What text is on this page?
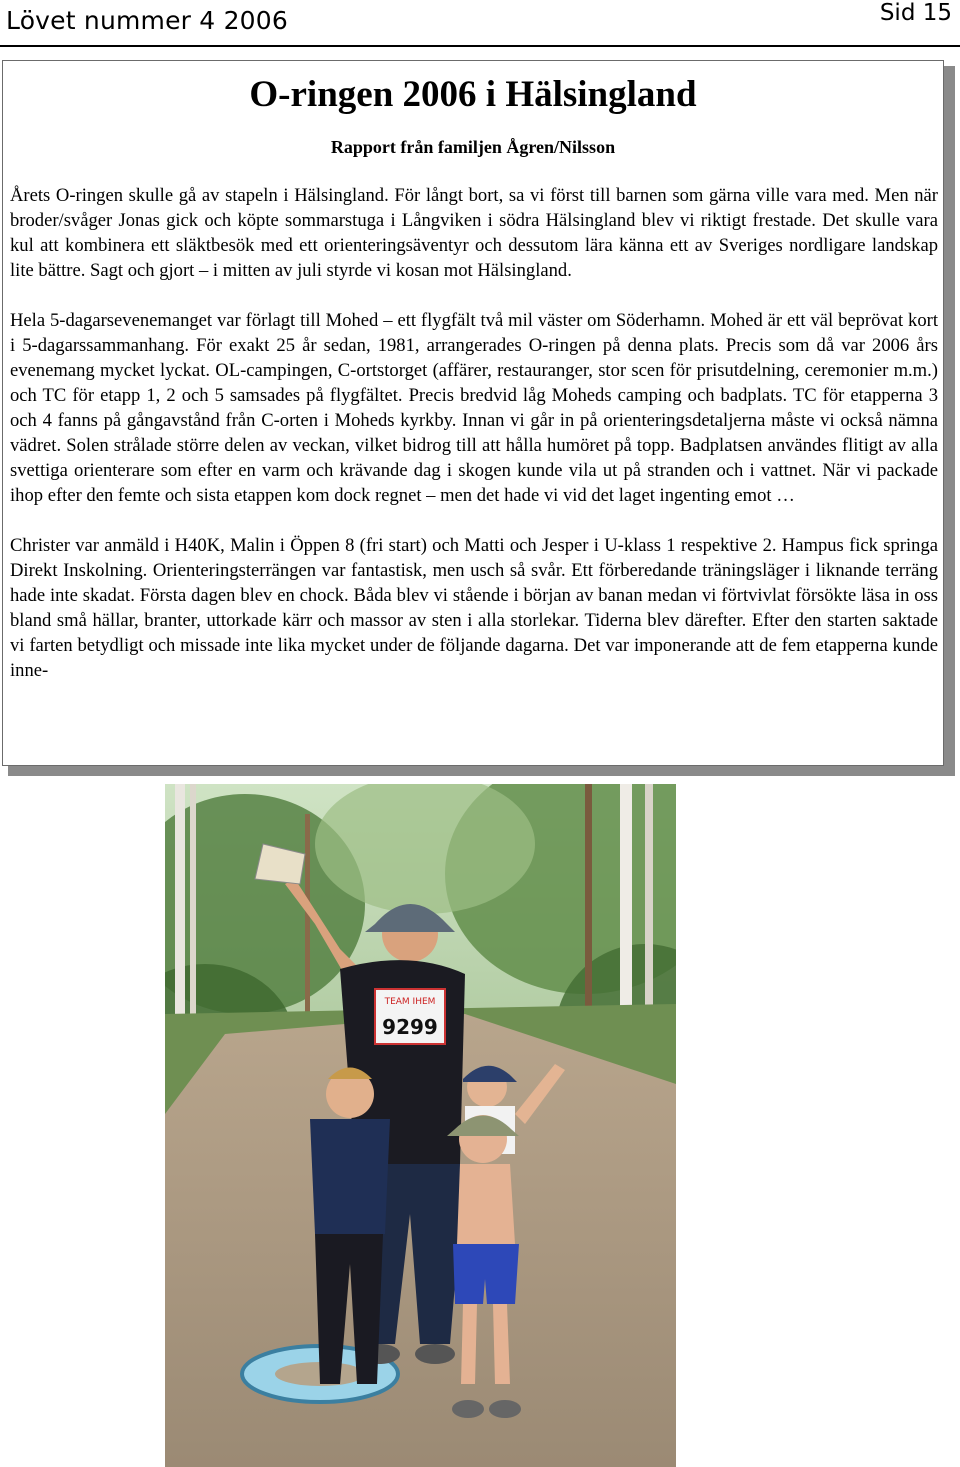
Lövet nummer 4 2006	Sid 15
O-ringen 2006 i Hälsingland
Rapport från familjen Ågren/Nilsson

Årets O-ringen skulle gå av stapeln i Hälsingland. För långt bort, sa vi först till barnen som gärna ville vara med. Men när broder/svåger Jonas gick och köpte sommarstuga i Långviken i södra Hälsingland blev vi riktigt frestade. Det skulle vara kul att kombinera ett släktbesök med ett orienteringsäventyr och dessutom lära känna ett av Sveriges nordligare landskap lite bättre. Sagt och gjort – i mitten av juli styrde vi kosan mot Hälsingland.

Hela 5-dagarsevenemanget var förlagt till Mohed – ett flygfält två mil väster om Söderhamn. Mohed är ett väl beprövat kort i 5-dagarssammanhang. För exakt 25 år sedan, 1981, arrangerades O-ringen på denna plats. Precis som då var 2006 års evenemang mycket lyckat. OL-campingen, C-ortstorget (affärer, restauranger, stor scen för prisutdelning, ceremonier m.m.) och TC för etapp 1, 2 och 5 samsades på flygfältet. Precis bredvid låg Moheds camping och badplats. TC för etapperna 3 och 4 fanns på gångavstånd från C-orten i Moheds kyrkby. Innan vi går in på orienteringsdetaljerna måste vi också nämna vädret. Solen strålade större delen av veckan, vilket bidrog till att hålla humöret på topp. Badplatsen användes flitigt av alla svettiga orienterare som efter en varm och krävande dag i skogen kunde vila ut på stranden och i vattnet. När vi packade ihop efter den femte och sista etappen kom dock regnet – men det hade vi vid det laget ingenting emot …

Christer var anmäld i H40K, Malin i Öppen 8 (fri start) och Matti och Jesper i U-klass 1 respektive 2. Hampus fick springa Direkt Inskolning. Orienteringsterrängen var fantastisk, men usch så svår. Ett förberedande träningsläger i liknande terräng hade inte skadat. Första dagen blev en chock. Båda blev vi stående i början av banan medan vi förtvivlat försökte läsa in oss bland små hällar, branter, uttorkade kärr och massor av sten i alla storlekar. Tiderna blev därefter. Efter den starten saktade vi farten betydligt och missade inte lika mycket under de följande dagarna. Det var imponerande att de fem etapperna kunde inne-

TEAM IHEM
9299
